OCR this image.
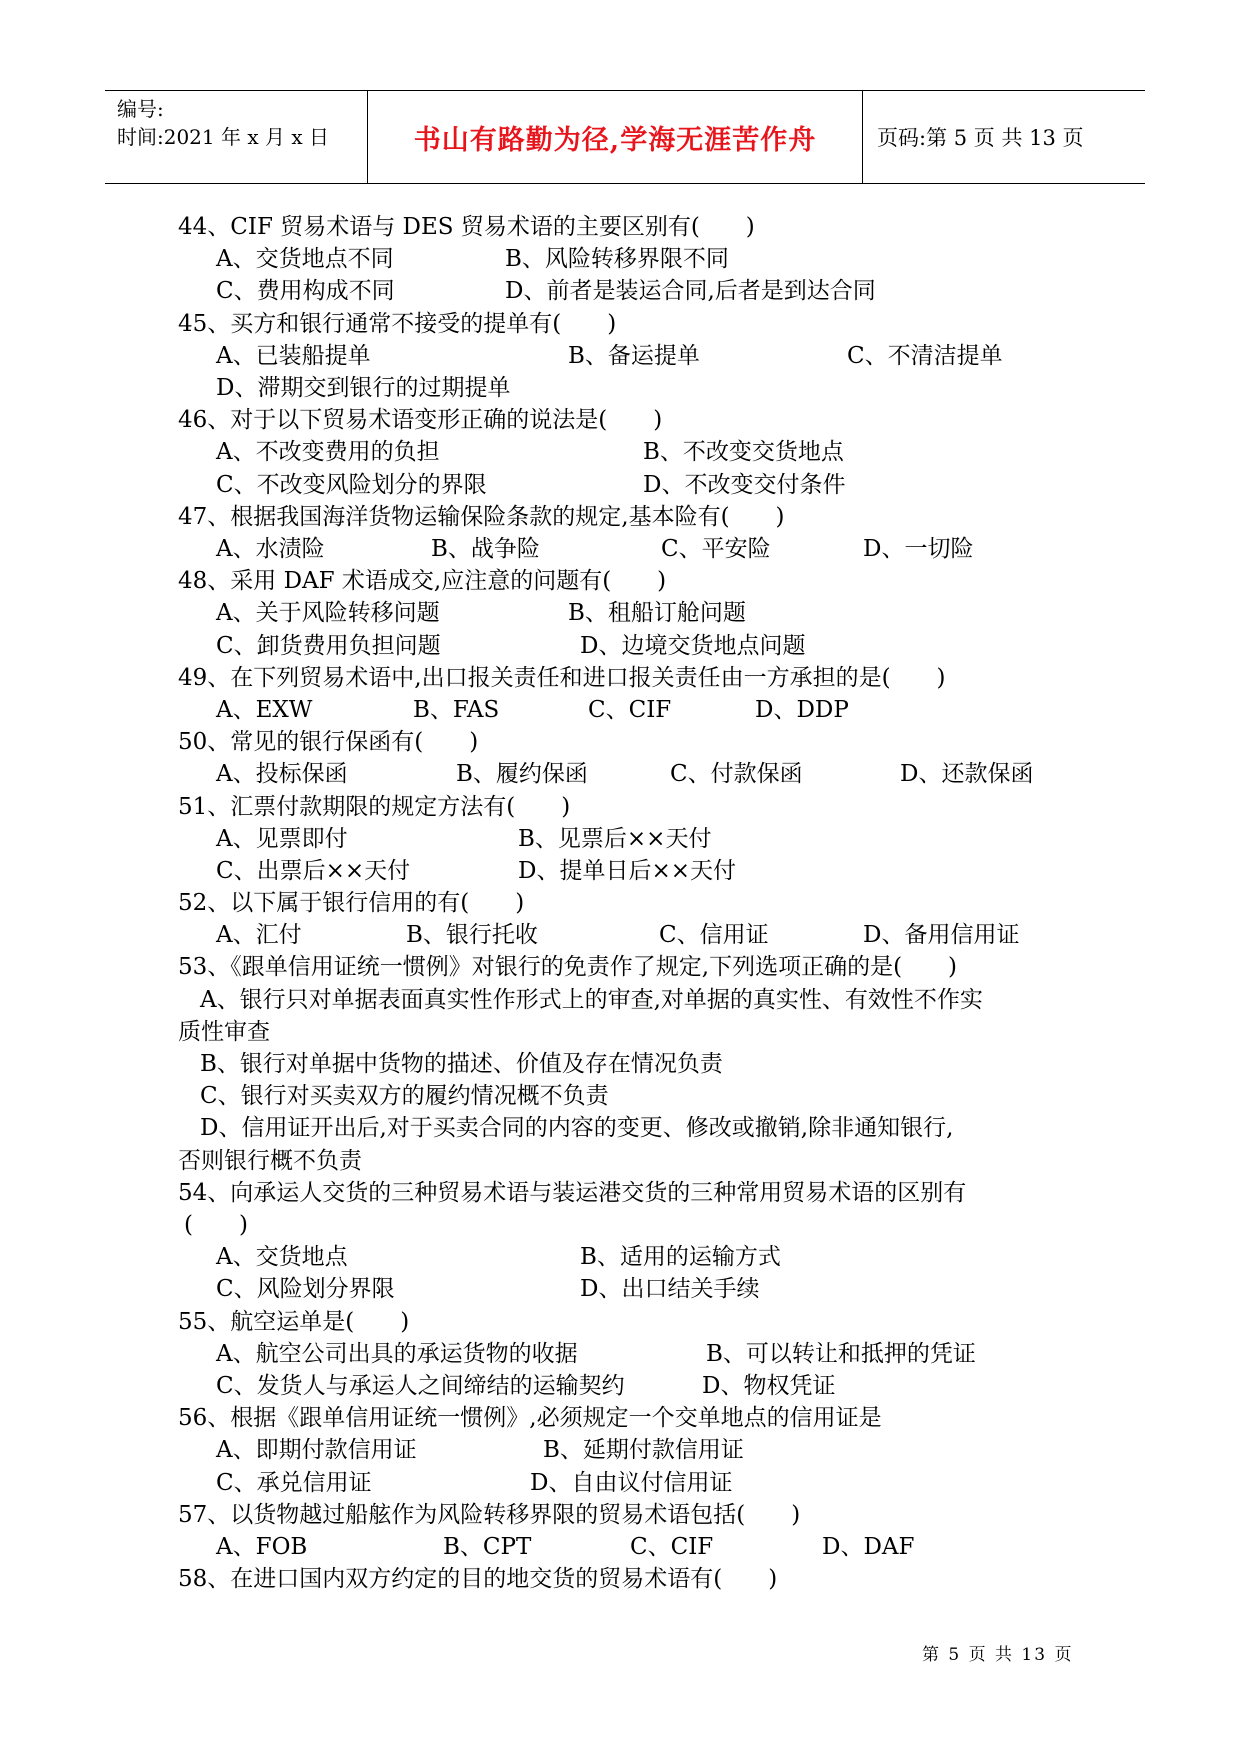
编号:
时间:2021 年 x 月 x 日	书山有路勤为径,学海无涯苦作舟	页码:第 5 页 共 13 页
44、CIF 贸易术语与 DES 贸易术语的主要区别有(　　)
A、交货地点不同	B、风险转移界限不同
C、费用构成不同	D、前者是装运合同,后者是到达合同
45、买方和银行通常不接受的提单有(　　)
A、已装船提单	B、备运提单	C、不清洁提单
D、滞期交到银行的过期提单
46、对于以下贸易术语变形正确的说法是(　　)
A、不改变费用的负担	B、不改变交货地点
C、不改变风险划分的界限	D、不改变交付条件
47、根据我国海洋货物运输保险条款的规定,基本险有(　　)
A、水渍险	B、战争险	C、平安险	D、一切险
48、采用 DAF 术语成交,应注意的问题有(　　)
A、关于风险转移问题	B、租船订舱问题
C、卸货费用负担问题	D、边境交货地点问题
49、在下列贸易术语中,出口报关责任和进口报关责任由一方承担的是(　　)
A、EXW	B、FAS	C、CIF	D、DDP
50、常见的银行保函有(　　)
A、投标保函	B、履约保函	C、付款保函	D、还款保函
51、汇票付款期限的规定方法有(　　)
A、见票即付	B、见票后××天付
C、出票后××天付	D、提单日后××天付
52、以下属于银行信用的有(　　)
A、汇付	B、银行托收	C、信用证	D、备用信用证
53、《跟单信用证统一惯例》对银行的免责作了规定,下列选项正确的是(　　)
A、银行只对单据表面真实性作形式上的审查,对单据的真实性、有效性不作实
质性审查
B、银行对单据中货物的描述、价值及存在情况负责
C、银行对买卖双方的履约情况概不负责
D、信用证开出后,对于买卖合同的内容的变更、修改或撤销,除非通知银行,
否则银行概不负责
54、向承运人交货的三种贸易术语与装运港交货的三种常用贸易术语的区别有
(　　)
A、交货地点	B、适用的运输方式
C、风险划分界限	D、出口结关手续
55、航空运单是(　　)
A、航空公司出具的承运货物的收据	B、可以转让和抵押的凭证
C、发货人与承运人之间缔结的运输契约	D、物权凭证
56、根据《跟单信用证统一惯例》,必须规定一个交单地点的信用证是
A、即期付款信用证	B、延期付款信用证
C、承兑信用证	D、自由议付信用证
57、以货物越过船舷作为风险转移界限的贸易术语包括(　　)
A、FOB	B、CPT	C、CIF	D、DAF
58、在进口国内双方约定的目的地交货的贸易术语有(　　)
第 5 页 共 13 页
